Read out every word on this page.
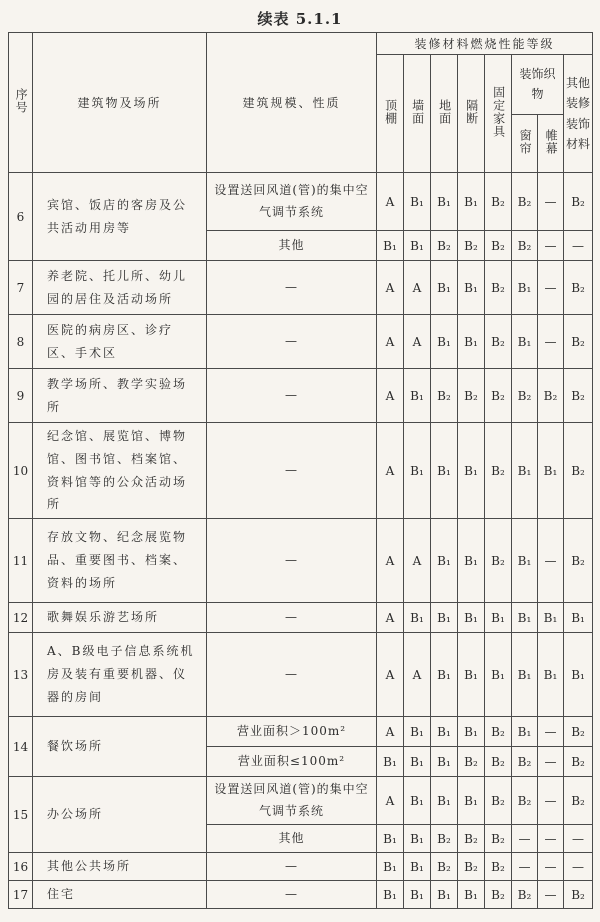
续表 5.1.1
序号	建筑物及场所	建筑规模、性质	装修材料燃烧性能等级							
			顶棚	墙面	地面	隔断	固定家具	装饰织物		其他装修装饰材料
								窗帘	帷幕	
6	宾馆、饭店的客房及公共活动用房等	设置送回风道(管)的集中空气调节系统	A	B₁	B₁	B₁	B₂	B₂	—	B₂
		其他	B₁	B₁	B₂	B₂	B₂	B₂	—	—
7	养老院、托儿所、幼儿园的居住及活动场所	—	A	A	B₁	B₁	B₂	B₁	—	B₂
8	医院的病房区、诊疗区、手术区	—	A	A	B₁	B₁	B₂	B₁	—	B₂
9	教学场所、教学实验场所	—	A	B₁	B₂	B₂	B₂	B₂	B₂	B₂
10	纪念馆、展览馆、博物馆、图书馆、档案馆、资料馆等的公众活动场所	—	A	B₁	B₁	B₁	B₂	B₁	B₁	B₂
11	存放文物、纪念展览物品、重要图书、档案、资料的场所	—	A	A	B₁	B₁	B₂	B₁	—	B₂
12	歌舞娱乐游艺场所	—	A	B₁	B₁	B₁	B₁	B₁	B₁	B₁
13	A、B级电子信息系统机房及装有重要机器、仪器的房间	—	A	A	B₁	B₁	B₁	B₁	B₁	B₁
14	餐饮场所	营业面积＞100m²	A	B₁	B₁	B₁	B₂	B₁	—	B₂
		营业面积≤100m²	B₁	B₁	B₁	B₂	B₂	B₂	—	B₂
15	办公场所	设置送回风道(管)的集中空气调节系统	A	B₁	B₁	B₁	B₂	B₂	—	B₂
		其他	B₁	B₁	B₂	B₂	B₂	—	—	—
16	其他公共场所	—	B₁	B₁	B₂	B₂	B₂	—	—	—
17	住宅	—	B₁	B₁	B₁	B₁	B₂	B₂	—	B₂
